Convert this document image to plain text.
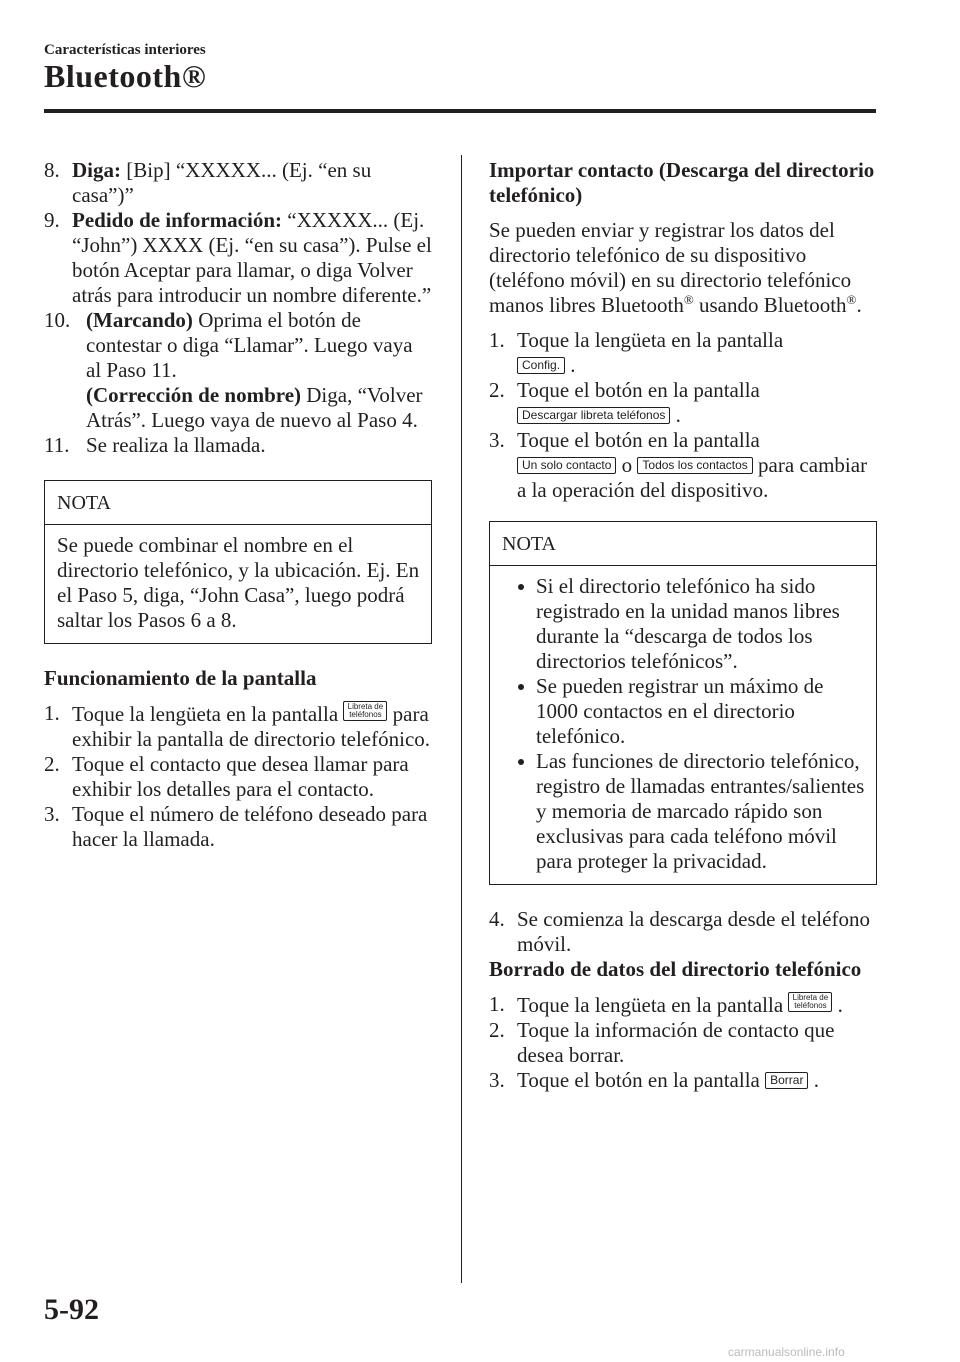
Características interiores
Bluetooth®

8. Diga: [Bip] “XXXXX... (Ej. “en su casa”)”

9. Pedido de información: “XXXXX... (Ej. “John”) XXXX (Ej. “en su casa”). Pulse el botón Aceptar para llamar, o diga Volver atrás para introducir un nombre diferente.”

10. (Marcando) Oprima el botón de contestar o diga “Llamar”. Luego vaya al Paso 11.
(Corrección de nombre) Diga, “Volver Atrás”. Luego vaya de nuevo al Paso 4.

11. Se realiza la llamada.

NOTA
Se puede combinar el nombre en el directorio telefónico, y la ubicación. Ej. En el Paso 5, diga, “John Casa”, luego podrá saltar los Pasos 6 a 8.

Funcionamiento de la pantalla

1. Toque la lengüeta en la pantalla Libreta de teléfonos para exhibir la pantalla de directorio telefónico.

2. Toque el contacto que desea llamar para exhibir los detalles para el contacto.

3. Toque el número de teléfono deseado para hacer la llamada.

Importar contacto (Descarga del directorio telefónico)

Se pueden enviar y registrar los datos del directorio telefónico de su dispositivo (teléfono móvil) en su directorio telefónico manos libres Bluetooth® usando Bluetooth®.

1. Toque la lengüeta en la pantalla
Config. .

2. Toque el botón en la pantalla
Descargar libreta teléfonos .

3. Toque el botón en la pantalla
Un solo contacto o Todos los contactos para cambiar a la operación del dispositivo.

NOTA

Si el directorio telefónico ha sido registrado en la unidad manos libres durante la “descarga de todos los directorios telefónicos”.

Se pueden registrar un máximo de 1000 contactos en el directorio telefónico.

Las funciones de directorio telefónico, registro de llamadas entrantes/salientes y memoria de marcado rápido son exclusivas para cada teléfono móvil para proteger la privacidad.

4. Se comienza la descarga desde el teléfono móvil.

Borrado de datos del directorio telefónico

1. Toque la lengüeta en la pantalla Libreta de teléfonos .

2. Toque la información de contacto que desea borrar.

3. Toque el botón en la pantalla Borrar .

5-92
carmanualsonline.info
